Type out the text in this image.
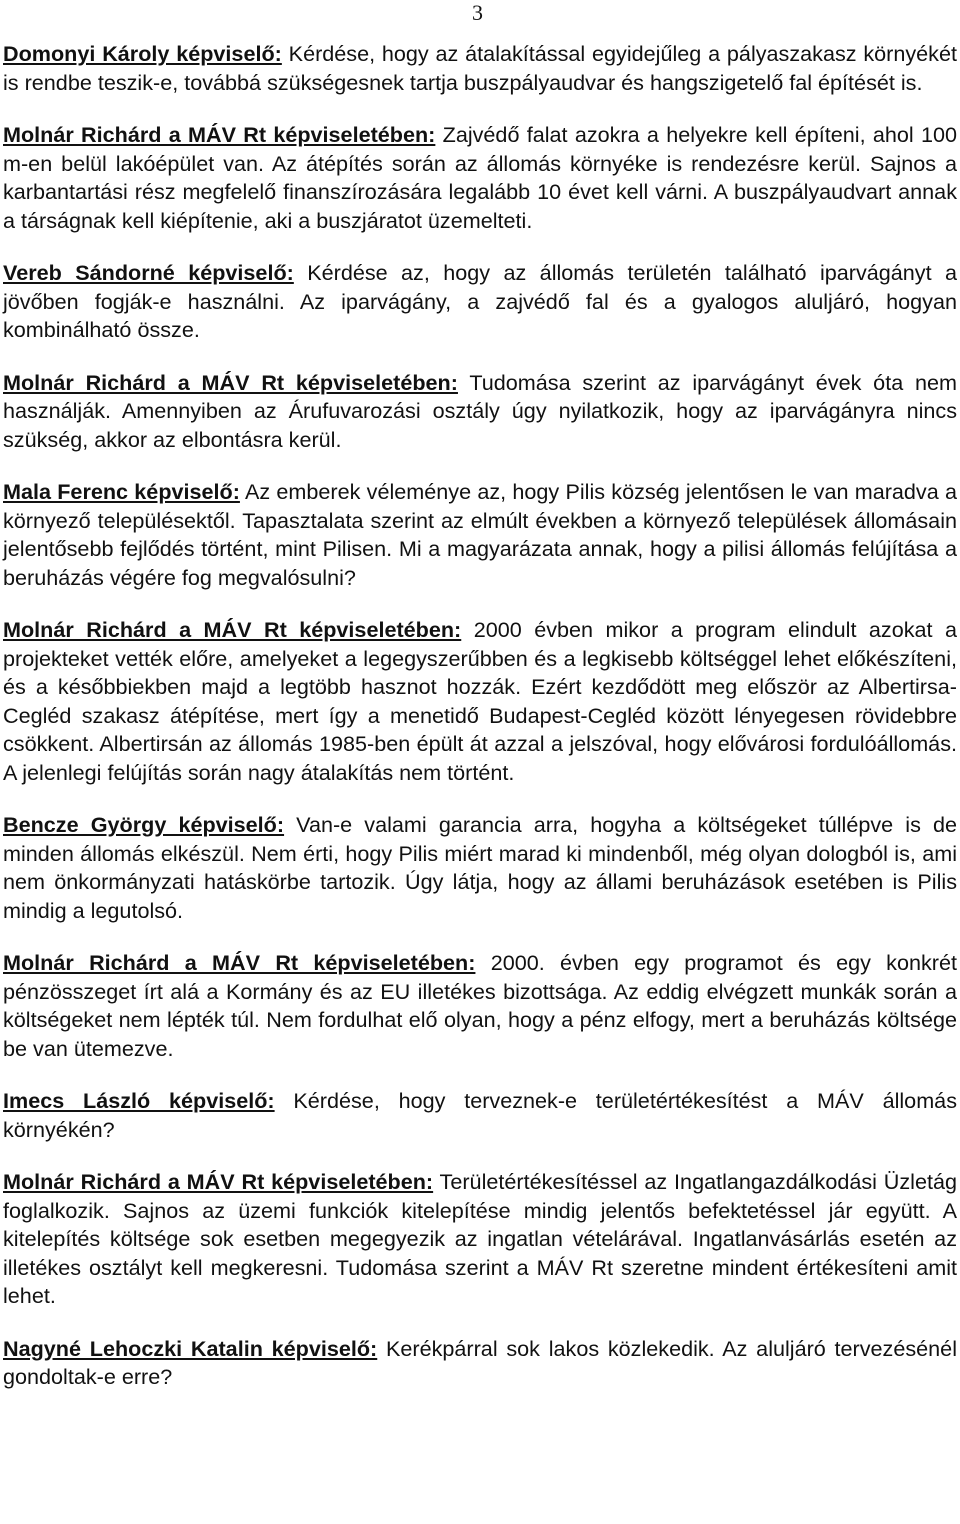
3

Domonyi Károly képviselő: Kérdése, hogy az átalakítással egyidejűleg a pályaszakasz környékét is rendbe teszik-e, továbbá szükségesnek tartja buszpályaudvar és hangszigetelő fal építését is.

Molnár Richárd a MÁV Rt képviseletében: Zajvédő falat azokra a helyekre kell építeni, ahol 100 m-en belül lakóépület van. Az átépítés során az állomás környéke is rendezésre kerül. Sajnos a karbantartási rész megfelelő finanszírozására legalább 10 évet kell várni. A buszpályaudvart annak a társágnak kell kiépítenie, aki a buszjáratot üzemelteti.

Vereb Sándorné képviselő: Kérdése az, hogy az állomás területén található iparvágányt a jövőben fogják-e használni. Az iparvágány, a zajvédő fal és a gyalogos aluljáró, hogyan kombinálható össze.

Molnár Richárd a MÁV Rt képviseletében: Tudomása szerint az iparvágányt évek óta nem használják. Amennyiben az Árufuvarozási osztály úgy nyilatkozik, hogy az iparvágányra nincs szükség, akkor az elbontásra kerül.

Mala Ferenc képviselő: Az emberek véleménye az, hogy Pilis község jelentősen le van maradva a környező településektől. Tapasztalata szerint az elmúlt években a környező települések állomásain jelentősebb fejlődés történt, mint Pilisen. Mi a magyarázata annak, hogy a pilisi állomás felújítása a beruházás végére fog megvalósulni?

Molnár Richárd a MÁV Rt képviseletében: 2000 évben mikor a program elindult azokat a projekteket vették előre, amelyeket a legegyszerűbben és a legkisebb költséggel lehet előkészíteni, és a későbbiekben majd a legtöbb hasznot hozzák. Ezért kezdődött meg először az Albertirsa-Cegléd szakasz átépítése, mert így a menetidő Budapest-Cegléd között lényegesen rövidebbre csökkent. Albertirsán az állomás 1985-ben épült át azzal a jelszóval, hogy elővárosi fordulóállomás. A jelenlegi felújítás során nagy átalakítás nem történt.

Bencze György képviselő: Van-e valami garancia arra, hogyha a költségeket túllépve is de minden állomás elkészül. Nem érti, hogy Pilis miért marad ki mindenből, még olyan dologból is, ami nem önkormányzati hatáskörbe tartozik. Úgy látja, hogy az állami beruházások esetében is Pilis mindig a legutolsó.

Molnár Richárd a MÁV Rt képviseletében: 2000. évben egy programot és egy konkrét pénzösszeget írt alá a Kormány és az EU illetékes bizottsága. Az eddig elvégzett munkák során a költségeket nem lépték túl. Nem fordulhat elő olyan, hogy a pénz elfogy, mert a beruházás költsége be van ütemezve.

Imecs László képviselő: Kérdése, hogy terveznek-e területértékesítést a MÁV állomás környékén?

Molnár Richárd a MÁV Rt képviseletében: Területértékesítéssel az Ingatlangazdálkodási Üzletág foglalkozik. Sajnos az üzemi funkciók kitelepítése mindig jelentős befektetéssel jár együtt. A kitelepítés költsége sok esetben megegyezik az ingatlan vételárával. Ingatlanvásárlás esetén az illetékes osztályt kell megkeresni. Tudomása szerint a MÁV Rt szeretne mindent értékesíteni amit lehet.

Nagyné Lehoczki Katalin képviselő: Kerékpárral sok lakos közlekedik. Az aluljáró tervezésénél gondoltak-e erre?
